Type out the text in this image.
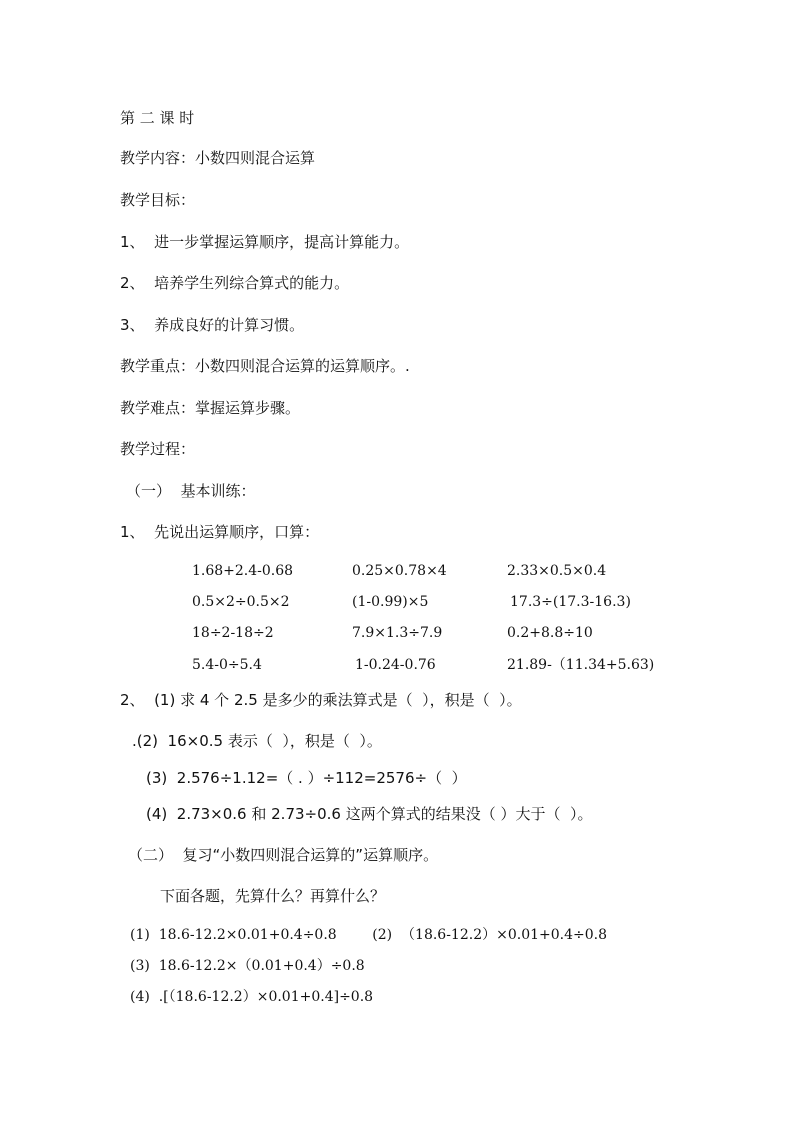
第 二 课 时
教学内容：小数四则混合运算
教学目标：
1、  进一步掌握运算顺序，提高计算能力。
2、  培养学生列综合算式的能力。
3、  养成良好的计算习惯。
教学重点：小数四则混合运算的运算顺序。.
教学难点：掌握运算步骤。
教学过程：
（一）  基本训练：
1、  先说出运算顺序，口算：
1.68+2.4-0.68	0.25×0.78×4	2.33×0.5×0.4
0.5×2÷0.5×2	(1-0.99)×5	17.3÷(17.3-16.3)
18÷2-18÷2	7.9×1.3÷7.9	0.2+8.8÷10
5.4-0÷5.4	1-0.24-0.76	21.89-（11.34+5.63)
2、  (1) 求 4 个 2.5 是多少的乘法算式是（  ），积是（  ）。
.(2)  16×0.5 表示（  ），积是（  ）。
(3)  2.576÷1.12=（ . ）÷112=2576÷（  ）
(4)  2.73×0.6 和 2.73÷0.6 这两个算式的结果没（ ）大于（  ）。
（二）  复习“小数四则混合运算的”运算顺序。
下面各题，先算什么？再算什么？
(1)  18.6-12.2×0.01+0.4÷0.8        (2)  （18.6-12.2）×0.01+0.4÷0.8
(3)  18.6-12.2×（0.01+0.4）÷0.8
(4)  .[（18.6-12.2）×0.01+0.4]÷0.8
